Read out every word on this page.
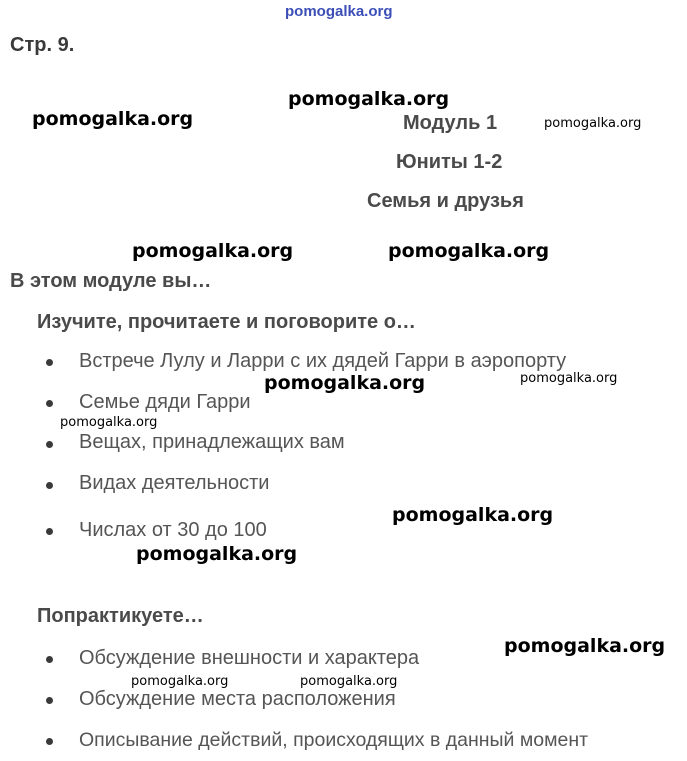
pomogalka.org
Стр. 9.
pomogalka.org
pomogalka.org	pomogalka.org
Модуль 1
Юниты 1-2
Семья и друзья
pomogalka.org	pomogalka.org
В этом модуле вы…
Изучите, прочитаете и поговорите о…
Встрече Лулу и Ларри с их дядей Гарри в аэропорту
pomogalka.org	pomogalka.org
Семье дяди Гарри
pomogalka.org
Вещах, принадлежащих вам
Видах деятельности
pomogalka.org
Числах от 30 до 100
pomogalka.org
Попрактикуете…
pomogalka.org
Обсуждение внешности и характера
pomogalka.org	pomogalka.org
Обсуждение места расположения
Описывание действий, происходящих в данный момент
